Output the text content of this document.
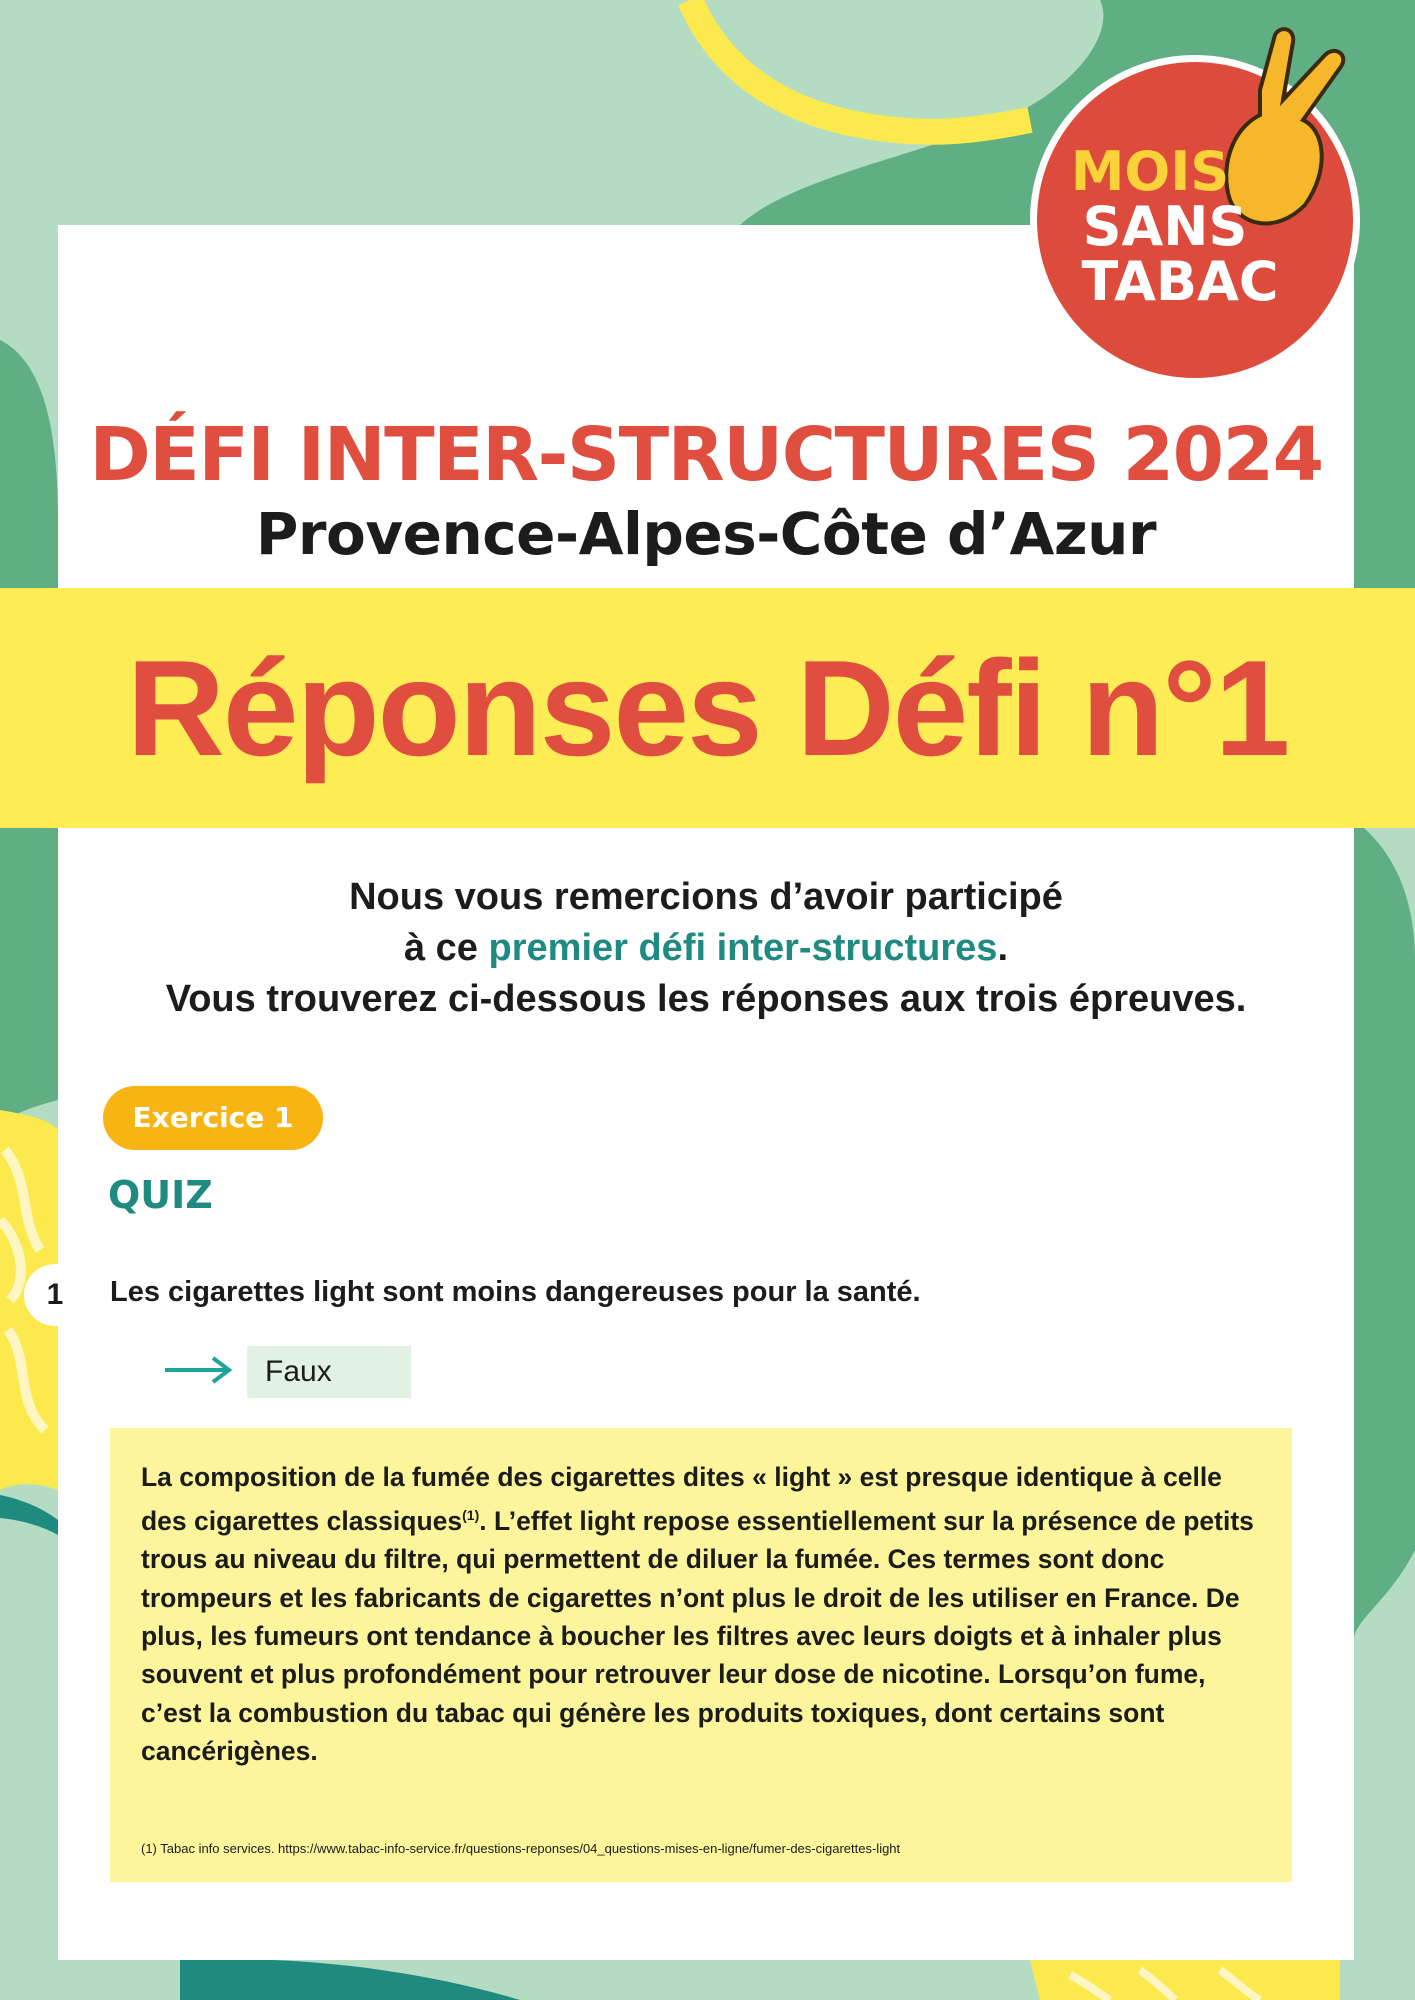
MOIS
SANS
TABAC
DÉFI INTER-STRUCTURES 2024
Provence-Alpes-Côte d’Azur
Réponses Défi n°1
Nous vous remercions d’avoir participé
à ce premier défi inter-structures.
Vous trouverez ci-dessous les réponses aux trois épreuves.
Exercice 1
QUIZ
1	Les cigarettes light sont moins dangereuses pour la santé.
Faux
La composition de la fumée des cigarettes dites « light » est presque identique à celle des cigarettes classiques$^{(1)}$. L’effet light repose essentiellement sur la présence de petits trous au niveau du filtre, qui permettent de diluer la fumée. Ces termes sont donc trompeurs et les fabricants de cigarettes n’ont plus le droit de les utiliser en France. De plus, les fumeurs ont tendance à boucher les filtres avec leurs doigts et à inhaler plus souvent et plus profondément pour retrouver leur dose de nicotine. Lorsqu’on fume, c’est la combustion du tabac qui génère les produits toxiques, dont certains sont cancérigènes.
(1) Tabac info services. https://www.tabac-info-service.fr/questions-reponses/04_questions-mises-en-ligne/fumer-des-cigarettes-light
